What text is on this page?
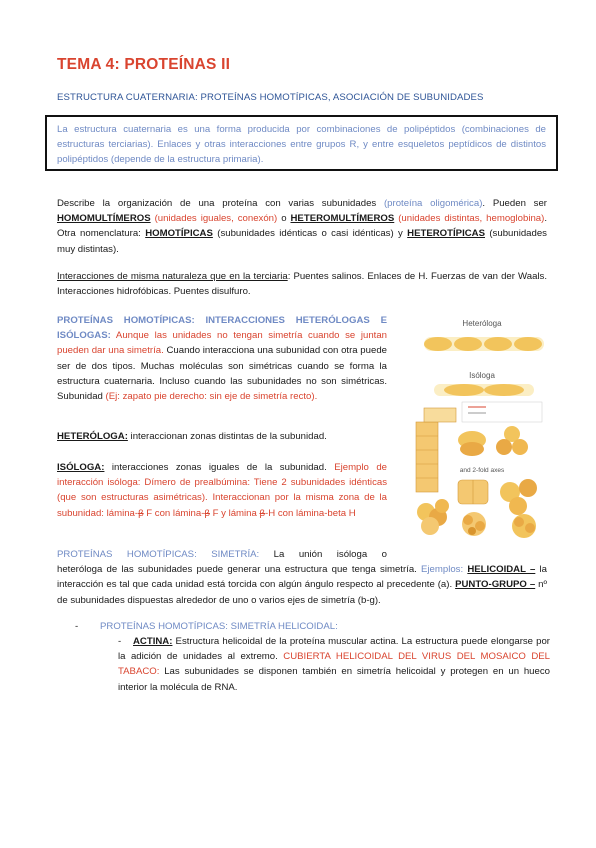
TEMA 4: PROTEÍNAS II
ESTRUCTURA CUATERNARIA: PROTEÍNAS HOMOTÍPICAS, ASOCIACIÓN DE SUBUNIDADES
La estructura cuaternaria es una forma producida por combinaciones de polipéptidos (combinaciones de estructuras terciarias). Enlaces y otras interacciones entre grupos R, y entre esqueletos peptídicos de distintos polipéptidos (depende de la estructura primaria).
Describe la organización de una proteína con varias subunidades (proteína oligomérica). Pueden ser HOMOMULTÍMEROS (unidades iguales, conexón) o HETEROMULTÍMEROS (unidades distintas, hemoglobina). Otra nomenclatura: HOMOTÍPICAS (subunidades idénticas o casi idénticas) y HETEROTÍPICAS (subunidades muy distintas).
Interacciones de misma naturaleza que en la terciaria: Puentes salinos. Enlaces de H. Fuerzas de van der Waals. Interacciones hidrofóbicas. Puentes disulfuro.
PROTEÍNAS HOMOTÍPICAS: INTERACCIONES HETERÓLOGAS E ISÓLOGAS: Aunque las unidades no tengan simetría cuando se juntan pueden dar una simetría. Cuando interacciona una subunidad con otra puede ser de dos tipos. Muchas moléculas son simétricas cuando se forma la estructura cuaternaria. Incluso cuando las subunidades no son simétricas. Subunidad (Ej: zapato pie derecho: sin eje de simetría recto).
HETERÓLOGA: interaccionan zonas distintas de la subunidad.
ISÓLOGA: interacciones zonas iguales de la subunidad. Ejemplo de interacción isóloga: Dímero de prealbúmina: Tiene 2 subunidades idénticas (que son estructuras asimétricas). Interaccionan por la misma zona de la subunidad: lámina-β F con lámina-β F y lámina β-H con lámina-beta H
PROTEÍNAS HOMOTÍPICAS: SIMETRÍA: La unión isóloga o
heteróloga de las subunidades puede generar una estructura que tenga simetría. Ejemplos: HELICOIDAL – la interacción es tal que cada unidad está torcida con algún ángulo respecto al precedente (a). PUNTO-GRUPO – nº de subunidades dispuestas alrededor de uno o varios ejes de simetría (b-g).
- PROTEÍNAS HOMOTÍPICAS: SIMETRÍA HELICOIDAL:
-	ACTINA: Estructura helicoidal de la proteína muscular actina. La estructura puede elongarse por la adición de unidades al extremo. CUBIERTA HELICOIDAL DEL VIRUS DEL MOSAICO DEL TABACO: Las subunidades se disponen también en simetría helicoidal y protegen en un hueco interior la molécula de RNA.
Heteróloga
Isóloga
and 2-fold axes
